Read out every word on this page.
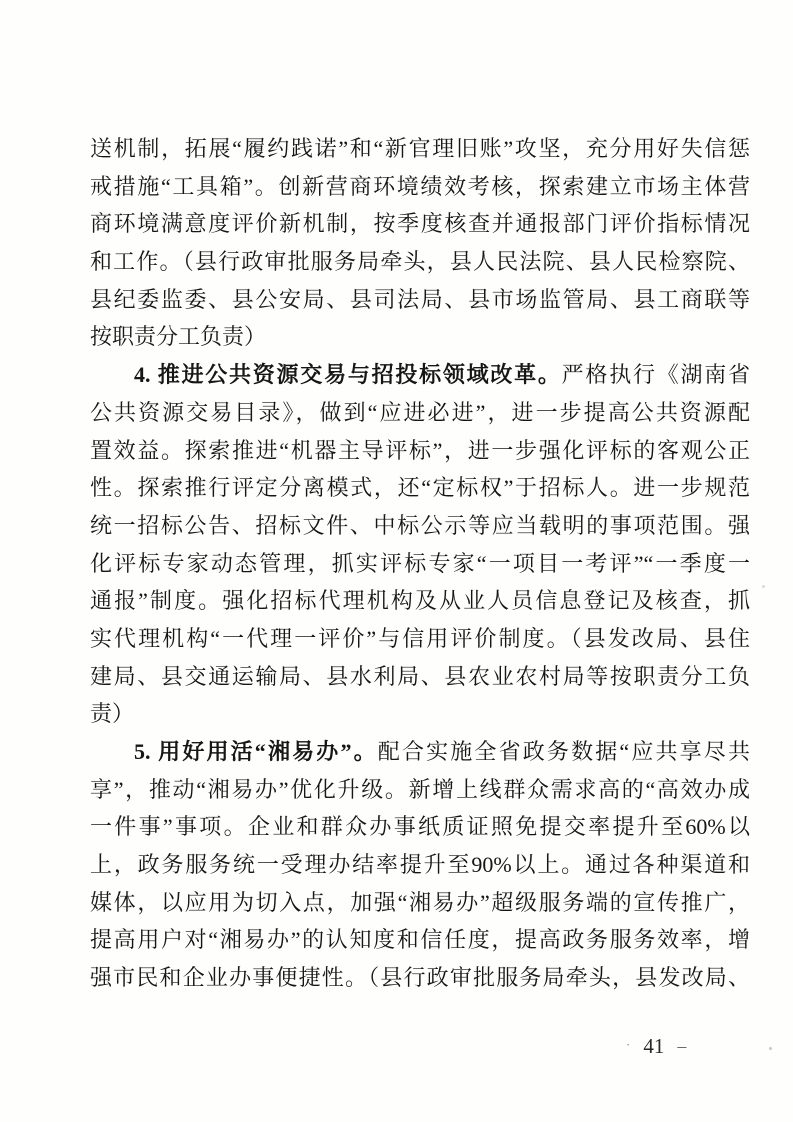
送机制，拓展“履约践诺”和“新官理旧账”攻坚，充分用好失信惩
戒措施“工具箱”。创新营商环境绩效考核，探索建立市场主体营
商环境满意度评价新机制，按季度核查并通报部门评价指标情况
和工作。（县行政审批服务局牵头，县人民法院、县人民检察院、
县纪委监委、县公安局、县司法局、县市场监管局、县工商联等
按职责分工负责）
4. 推进公共资源交易与招投标领域改革。严格执行《湖南省
公共资源交易目录》，做到“应进必进”，进一步提高公共资源配
置效益。探索推进“机器主导评标”，进一步强化评标的客观公正
性。探索推行评定分离模式，还“定标权”于招标人。进一步规范
统一招标公告、招标文件、中标公示等应当载明的事项范围。强
化评标专家动态管理，抓实评标专家“一项目一考评”“一季度一
通报”制度。强化招标代理机构及从业人员信息登记及核查，抓
实代理机构“一代理一评价”与信用评价制度。（县发改局、县住
建局、县交通运输局、县水利局、县农业农村局等按职责分工负
责）
5. 用好用活“湘易办”。配合实施全省政务数据“应共享尽共
享”，推动“湘易办”优化升级。新增上线群众需求高的“高效办成
一件事”事项。企业和群众办事纸质证照免提交率提升至60%以
上，政务服务统一受理办结率提升至90%以上。通过各种渠道和
媒体，以应用为切入点，加强“湘易办”超级服务端的宣传推广，
提高用户对“湘易办”的认知度和信任度，提高政务服务效率，增
强市民和企业办事便捷性。（县行政审批服务局牵头，县发改局、
· 41 –
